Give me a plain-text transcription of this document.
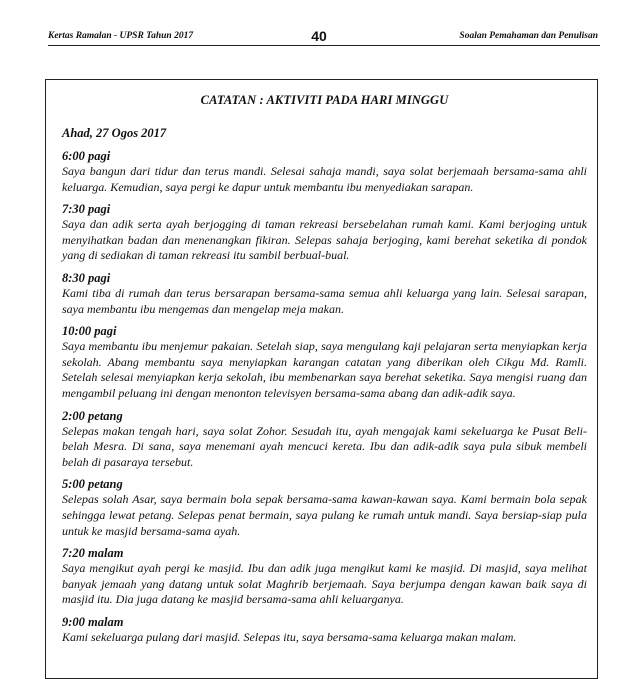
Kertas Ramalan - UPSR Tahun 2017	40	Soalan Pemahaman dan Penulisan
CATATAN : AKTIVITI PADA HARI MINGGU
Ahad, 27 Ogos 2017
6:00 pagi
Saya bangun dari tidur dan terus mandi. Selesai sahaja mandi, saya solat berjemaah bersama-sama ahli keluarga. Kemudian, saya pergi ke dapur untuk membantu ibu menyediakan sarapan.
7:30 pagi
Saya dan adik serta ayah berjogging di taman rekreasi bersebelahan rumah kami. Kami berjoging untuk menyihatkan badan dan menenangkan fikiran. Selepas sahaja berjoging, kami berehat seketika di pondok yang di sediakan di taman rekreasi itu sambil berbual-bual.
8:30 pagi
Kami tiba di rumah dan terus bersarapan bersama-sama semua ahli keluarga yang lain. Selesai sarapan, saya membantu ibu mengemas dan mengelap meja makan.
10:00 pagi
Saya membantu ibu menjemur pakaian. Setelah siap, saya mengulang kaji pelajaran serta menyiapkan kerja sekolah. Abang membantu saya menyiapkan karangan catatan yang diberikan oleh Cikgu Md. Ramli. Setelah selesai menyiapkan kerja sekolah, ibu membenarkan saya berehat seketika. Saya mengisi ruang dan mengambil peluang ini dengan menonton televisyen bersama-sama abang dan adik-adik saya.
2:00 petang
Selepas makan tengah hari, saya solat Zohor. Sesudah itu, ayah mengajak kami sekeluarga ke Pusat Beli-belah Mesra. Di sana, saya menemani ayah mencuci kereta. Ibu dan adik-adik saya pula sibuk membeli belah di pasaraya tersebut.
5:00 petang
Selepas solah Asar, saya bermain bola sepak bersama-sama kawan-kawan saya. Kami bermain bola sepak sehingga lewat petang. Selepas penat bermain, saya pulang ke rumah untuk mandi. Saya bersiap-siap pula untuk ke masjid bersama-sama ayah.
7:20 malam
Saya mengikut ayah pergi ke masjid. Ibu dan adik juga mengikut kami ke masjid. Di masjid, saya melihat banyak jemaah yang datang untuk solat Maghrib berjemaah. Saya berjumpa dengan kawan baik saya di masjid itu. Dia juga datang ke masjid bersama-sama ahli keluarganya.
9:00 malam
Kami sekeluarga pulang dari masjid. Selepas itu, saya bersama-sama keluarga makan malam.
